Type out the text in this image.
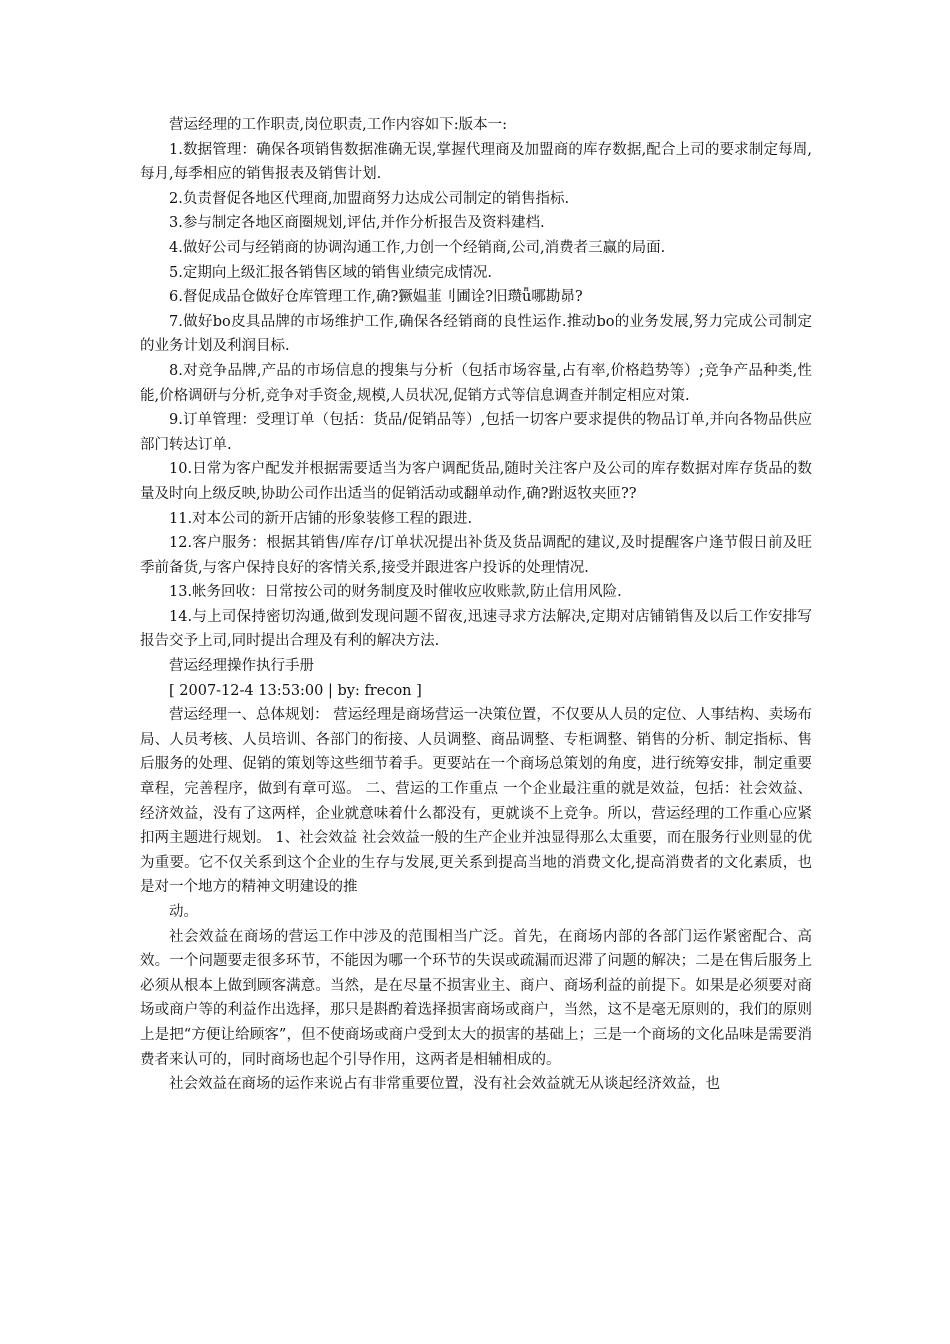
营运经理的工作职责,岗位职责,工作内容如下:版本一:

1.数据管理：确保各项销售数据准确无误,掌握代理商及加盟商的库存数据,配合上司的要求制定每周,每月,每季相应的销售报表及销售计划.

2.负责督促各地区代理商,加盟商努力达成公司制定的销售指标.

3.参与制定各地区商圈规划,评估,并作分析报告及资料建档.

4.做好公司与经销商的协调沟通工作,力创一个经销商,公司,消费者三赢的局面.

5.定期向上级汇报各销售区域的销售业绩完成情况.

6.督促成品仓做好仓库管理工作,确?獗媪韮刂圃诠?旧瓒ǖ哪勘昴?

7.做好bo皮具品牌的市场维护工作,确保各经销商的良性运作.推动bo的业务发展,努力完成公司制定的业务计划及利润目标.

8.对竞争品牌,产品的市场信息的搜集与分析（包括市场容量,占有率,价格趋势等）;竞争产品种类,性能,价格调研与分析,竞争对手资金,规模,人员状况,促销方式等信息调查并制定相应对策.

9.订单管理：受理订单（包括：货品/促销品等）,包括一切客户要求提供的物品订单,并向各物品供应部门转达订单.

10.日常为客户配发并根据需要适当为客户调配货品,随时关注客户及公司的库存数据对库存货品的数量及时向上级反映,协助公司作出适当的促销活动或翻单动作,确?跗返牧夹匝??

11.对本公司的新开店铺的形象装修工程的跟进.

12.客户服务：根据其销售/库存/订单状况提出补货及货品调配的建议,及时提醒客户逢节假日前及旺季前备货,与客户保持良好的客情关系,接受并跟进客户投诉的处理情况.

13.帐务回收：日常按公司的财务制度及时催收应收账款,防止信用风险.

14.与上司保持密切沟通,做到发现问题不留夜,迅速寻求方法解决,定期对店铺销售及以后工作安排写报告交予上司,同时提出合理及有利的解决方法.

营运经理操作执行手册

[ 2007-12-4 13:53:00 | by: frecon ]

营运经理一、总体规划： 营运经理是商场营运一决策位置，不仅要从人员的定位、人事结构、卖场布局、人员考核、人员培训、各部门的衔接、人员调整、商品调整、专柜调整、销售的分析、制定指标、售后服务的处理、促销的策划等这些细节着手。更要站在一个商场总策划的角度，进行统筹安排，制定重要章程，完善程序，做到有章可巡。 二、营运的工作重点 一个企业最注重的就是效益，包括：社会效益、经济效益，没有了这两样，企业就意味着什么都没有，更就谈不上竞争。所以，营运经理的工作重心应紧扣两主题进行规划。 1、社会效益 社会效益一般的生产企业并浊显得那么太重要，而在服务行业则显的优为重要。它不仅关系到这个企业的生存与发展,更关系到提高当地的消费文化,提高消费者的文化素质，也是对一个地方的精神文明建设的推

动。

社会效益在商场的营运工作中涉及的范围相当广泛。首先，在商场内部的各部门运作紧密配合、高效。一个问题要走很多环节，不能因为哪一个环节的失误或疏漏而迟滞了问题的解决；二是在售后服务上必须从根本上做到顾客满意。当然，是在尽量不损害业主、商户、商场利益的前提下。如果是必须要对商场或商户等的利益作出选择，那只是斟酌着选择损害商场或商户，当然，这不是毫无原则的，我们的原则上是把“方便让给顾客”，但不使商场或商户受到太大的损害的基础上；三是一个商场的文化品味是需要消费者来认可的，同时商场也起个引导作用，这两者是相辅相成的。

社会效益在商场的运作来说占有非常重要位置，没有社会效益就无从谈起经济效益，也
